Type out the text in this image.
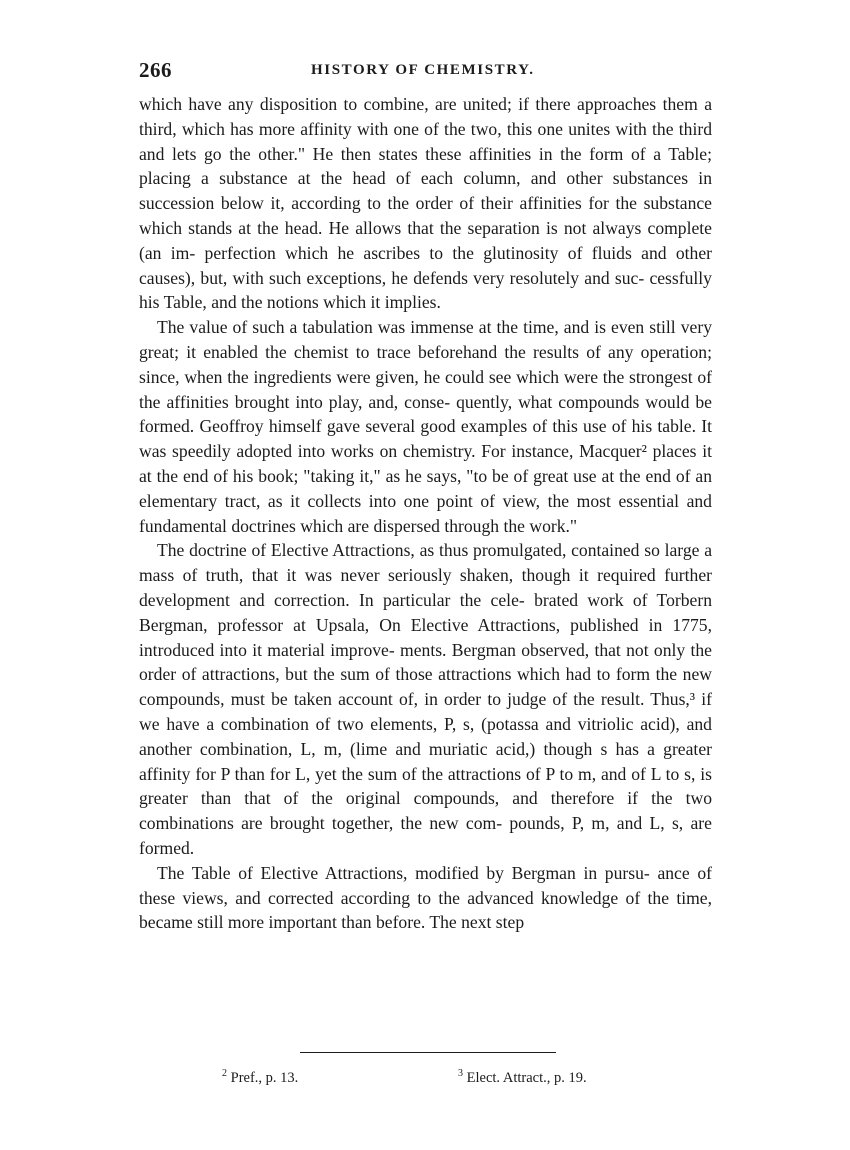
266	HISTORY OF CHEMISTRY.

which have any disposition to combine, are united; if there approaches them a third, which has more affinity with one of the two, this one unites with the third and lets go the other." He then states these affinities in the form of a Table; placing a substance at the head of each column, and other substances in succession below it, according to the order of their affinities for the substance which stands at the head. He allows that the separation is not always complete (an im- perfection which he ascribes to the glutinosity of fluids and other causes), but, with such exceptions, he defends very resolutely and suc- cessfully his Table, and the notions which it implies.

The value of such a tabulation was immense at the time, and is even still very great; it enabled the chemist to trace beforehand the results of any operation; since, when the ingredients were given, he could see which were the strongest of the affinities brought into play, and, conse- quently, what compounds would be formed. Geoffroy himself gave several good examples of this use of his table. It was speedily adopted into works on chemistry. For instance, Macquer² places it at the end of his book; "taking it," as he says, "to be of great use at the end of an elementary tract, as it collects into one point of view, the most essential and fundamental doctrines which are dispersed through the work."

The doctrine of Elective Attractions, as thus promulgated, contained so large a mass of truth, that it was never seriously shaken, though it required further development and correction. In particular the cele- brated work of Torbern Bergman, professor at Upsala, On Elective Attractions, published in 1775, introduced into it material improve- ments. Bergman observed, that not only the order of attractions, but the sum of those attractions which had to form the new compounds, must be taken account of, in order to judge of the result. Thus,³ if we have a combination of two elements, P, s, (potassa and vitriolic acid), and another combination, L, m, (lime and muriatic acid,) though s has a greater affinity for P than for L, yet the sum of the attractions of P to m, and of L to s, is greater than that of the original compounds, and therefore if the two combinations are brought together, the new com- pounds, P, m, and L, s, are formed.

The Table of Elective Attractions, modified by Bergman in pursu- ance of these views, and corrected according to the advanced knowledge of the time, became still more important than before. The next step

$^2$ Pref., p. 13.	$^3$ Elect. Attract., p. 19.
